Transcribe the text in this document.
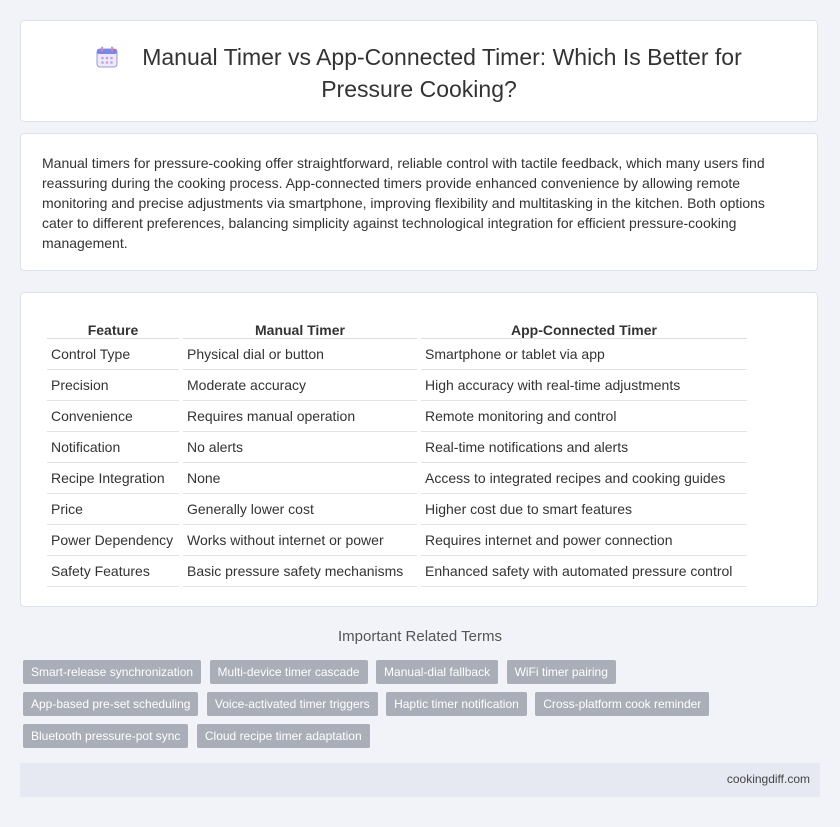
Manual Timer vs App-Connected Timer: Which Is Better for Pressure Cooking?

Manual timers for pressure-cooking offer straightforward, reliable control with tactile feedback, which many users find reassuring during the cooking process. App-connected timers provide enhanced convenience by allowing remote monitoring and precise adjustments via smartphone, improving flexibility and multitasking in the kitchen. Both options cater to different preferences, balancing simplicity against technological integration for efficient pressure-cooking management.

Feature	Manual Timer	App-Connected Timer
Control Type	Physical dial or button	Smartphone or tablet via app
Precision	Moderate accuracy	High accuracy with real-time adjustments
Convenience	Requires manual operation	Remote monitoring and control
Notification	No alerts	Real-time notifications and alerts
Recipe Integration	None	Access to integrated recipes and cooking guides
Price	Generally lower cost	Higher cost due to smart features
Power Dependency	Works without internet or power	Requires internet and power connection
Safety Features	Basic pressure safety mechanisms	Enhanced safety with automated pressure control
Important Related Terms
Smart-release synchronization Multi-device timer cascade Manual-dial fallback WiFi timer pairing App-based pre-set scheduling Voice-activated timer triggers Haptic timer notification Cross-platform cook reminder Bluetooth pressure-pot sync Cloud recipe timer adaptation
cookingdiff.com
